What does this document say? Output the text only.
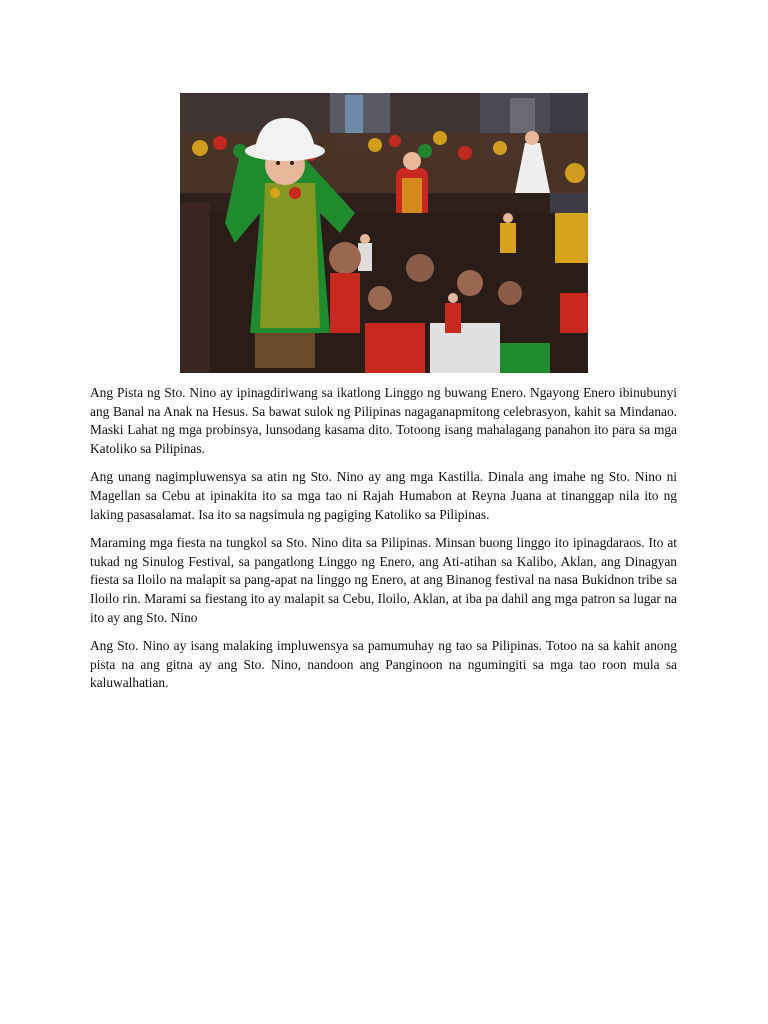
Ang Pista ng Sto. Nino ay ipinagdiriwang sa ikatlong Linggo ng buwang Enero. Ngayong Enero ibinubunyi ang Banal na Anak na Hesus. Sa bawat sulok ng Pilipinas nagaganapmitong celebrasyon, kahit sa Mindanao. Maski Lahat ng mga probinsya, lunsodang kasama dito. Totoong isang mahalagang panahon ito para sa mga Katoliko sa Pilipinas.

Ang unang nagimpluwensya sa atin ng Sto. Nino ay ang mga Kastilla. Dinala ang imahe ng Sto. Nino ni Magellan sa Cebu at ipinakita ito sa mga tao ni Rajah Humabon at Reyna Juana at tinanggap nila ito ng laking pasasalamat. Isa ito sa nagsimula ng pagiging Katoliko sa Pilipinas.

Maraming mga fiesta na tungkol sa Sto. Nino dita sa Pilipinas. Minsan buong linggo ito ipinagdaraos. Ito at tukad ng Sinulog Festival, sa pangatlong Linggo ng Enero, ang Ati-atihan sa Kalibo, Aklan, ang Dinagyan fiesta sa Iloilo na malapit sa pang-apat na linggo ng Enero, at ang Binanog festival na nasa Bukidnon tribe sa Iloilo rin. Marami sa fiestang ito ay malapit sa Cebu, Iloilo, Aklan, at iba pa dahil ang mga patron sa lugar na ito ay ang Sto. Nino

Ang Sto. Nino ay isang malaking impluwensya sa pamumuhay ng tao sa Pilipinas. Totoo na sa kahit anong pista na ang gitna ay ang Sto. Nino, nandoon ang Panginoon na ngumingiti sa mga tao roon mula sa kaluwalhatian.
